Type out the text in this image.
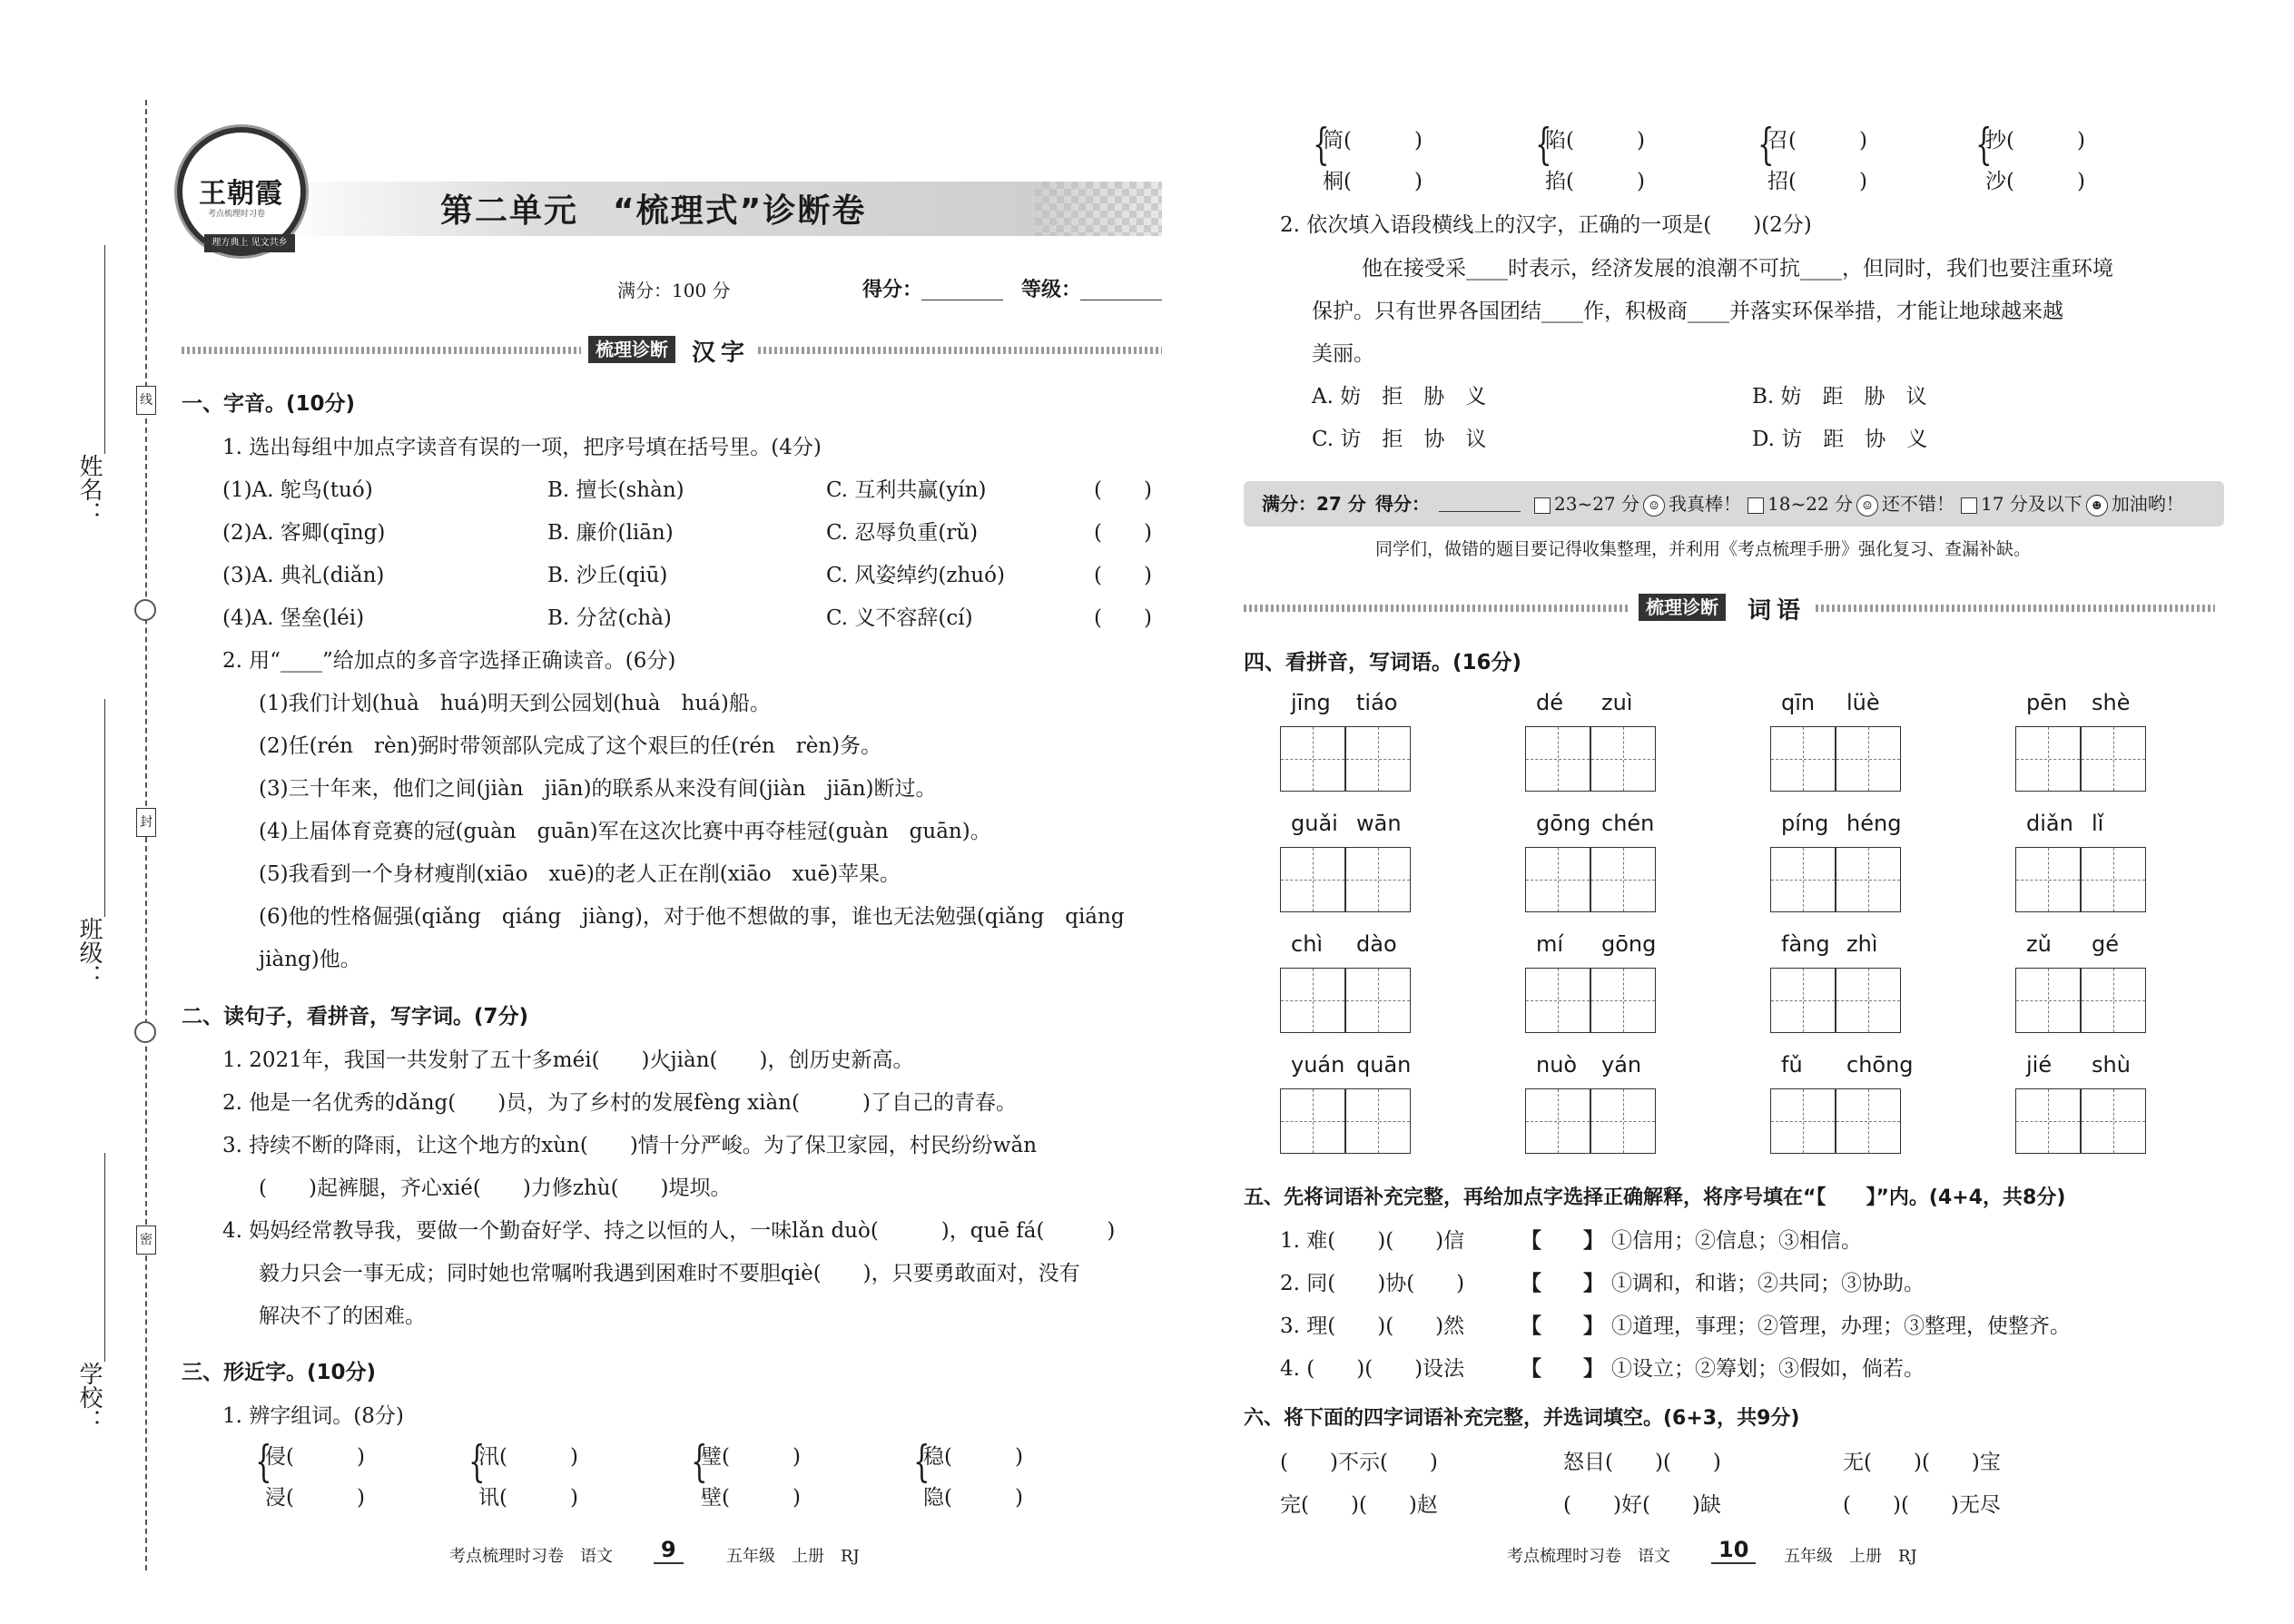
姓名：
班级：
学校：
线
封
密
王朝霞
考点梳理时习卷
理方典上 见文共乡
第二单元　“梳理式”诊断卷
满分：100 分	得分：	等级：
梳理诊断	汉字
一、字音。(10分)
1. 选出每组中加点字读音有误的一项，把序号填在括号里。(4分)
(1)A. 鸵鸟(tuó)	B. 擅长(shàn)	C. 互利共赢(yín)	(　　)
(2)A. 客卿(qīng)	B. 廉价(liān)	C. 忍辱负重(rǔ)	(　　)
(3)A. 典礼(diǎn)	B. 沙丘(qiū)	C. 风姿绰约(zhuó)	(　　)
(4)A. 堡垒(léi)	B. 分岔(chà)	C. 义不容辞(cí)	(　　)
2. 用“____”给加点的多音字选择正确读音。(6分)
(1)我们计划(huà　huá)明天到公园划(huà　huá)船。
(2)任(rén　rèn)弼时带领部队完成了这个艰巨的任(rén　rèn)务。
(3)三十年来，他们之间(jiàn　jiān)的联系从来没有间(jiàn　jiān)断过。
(4)上届体育竞赛的冠(guàn　guān)军在这次比赛中再夺桂冠(guàn　guān)。
(5)我看到一个身材瘦削(xiāo　xuē)的老人正在削(xiāo　xuē)苹果。
(6)他的性格倔强(qiǎng　qiáng　jiàng)，对于他不想做的事，谁也无法勉强(qiǎng　qiáng
jiàng)他。
二、读句子，看拼音，写字词。(7分)
1. 2021年，我国一共发射了五十多méi(　　)火jiàn(　　)，创历史新高。
2. 他是一名优秀的dǎng(　　)员，为了乡村的发展fèng xiàn(　　　)了自己的青春。
3. 持续不断的降雨，让这个地方的xùn(　　)情十分严峻。为了保卫家园，村民纷纷wǎn
(　　)起裤腿，齐心xié(　　)力修zhù(　　)堤坝。
4. 妈妈经常教导我，要做一个勤奋好学、持之以恒的人，一味lǎn duò(　　　)，quē fá(　　　)
毅力只会一事无成；同时她也常嘱咐我遇到困难时不要胆qiè(　　)，只要勇敢面对，没有
解决不了的困难。
三、形近字。(10分)
1. 辨字组词。(8分)
{
侵(　　　)
浸(　　　)
{
汛(　　　)
讯(　　　)
{
璧(　　　)
壁(　　　)
{
稳(　　　)
隐(　　　)
考点梳理时习卷　语文	9	五年级　上册　RJ
{
筒(　　　)
桐(　　　)
{
陷(　　　)
掐(　　　)
{
召(　　　)
招(　　　)
{
抄(　　　)
沙(　　　)
2. 依次填入语段横线上的汉字，正确的一项是(　　)(2分)
他在接受采____时表示，经济发展的浪潮不可抗____，但同时，我们也要注重环境
保护。只有世界各国团结____作，积极商____并落实环保举措，才能让地球越来越
美丽。
A. 妨　拒　胁　义	B. 妨　距　胁　议
C. 访　拒　协　议	D. 访　距　协　义
满分：27 分 得分：	23~27 分 ☺ 我真棒！	18~22 分 ☺ 还不错！	17 分及以下 ☻ 加油哟！
同学们，做错的题目要记得收集整理，并利用《考点梳理手册》强化复习、查漏补缺。
梳理诊断	词语
四、看拼音，写词语。(16分)
jīng tiáo	dé zuì	qīn lüè	pēn shè
guǎi wān	gōng chén	píng héng	diǎn lǐ
chì dào	mí gōng	fàng zhì	zǔ gé
yuán quān	nuò yán	fǔ chōng	jié shù
五、先将词语补充完整，再给加点字选择正确解释，将序号填在“【　　】”内。(4+4，共8分)
1. 难(　　)(　　)信	【　　】 ①信用；②信息；③相信。
2. 同(　　)协(　　)	【　　】 ①调和，和谐；②共同；③协助。
3. 理(　　)(　　)然	【　　】 ①道理，事理；②管理，办理；③整理，使整齐。
4. (　　)(　　)设法	【　　】 ①设立；②筹划；③假如，倘若。
六、将下面的四字词语补充完整，并选词填空。(6+3，共9分)
(　　)不示(　　)	怒目(　　)(　　)	无(　　)(　　)宝
完(　　)(　　)赵	(　　)好(　　)缺	(　　)(　　)无尽
考点梳理时习卷　语文	10	五年级　上册　RJ
